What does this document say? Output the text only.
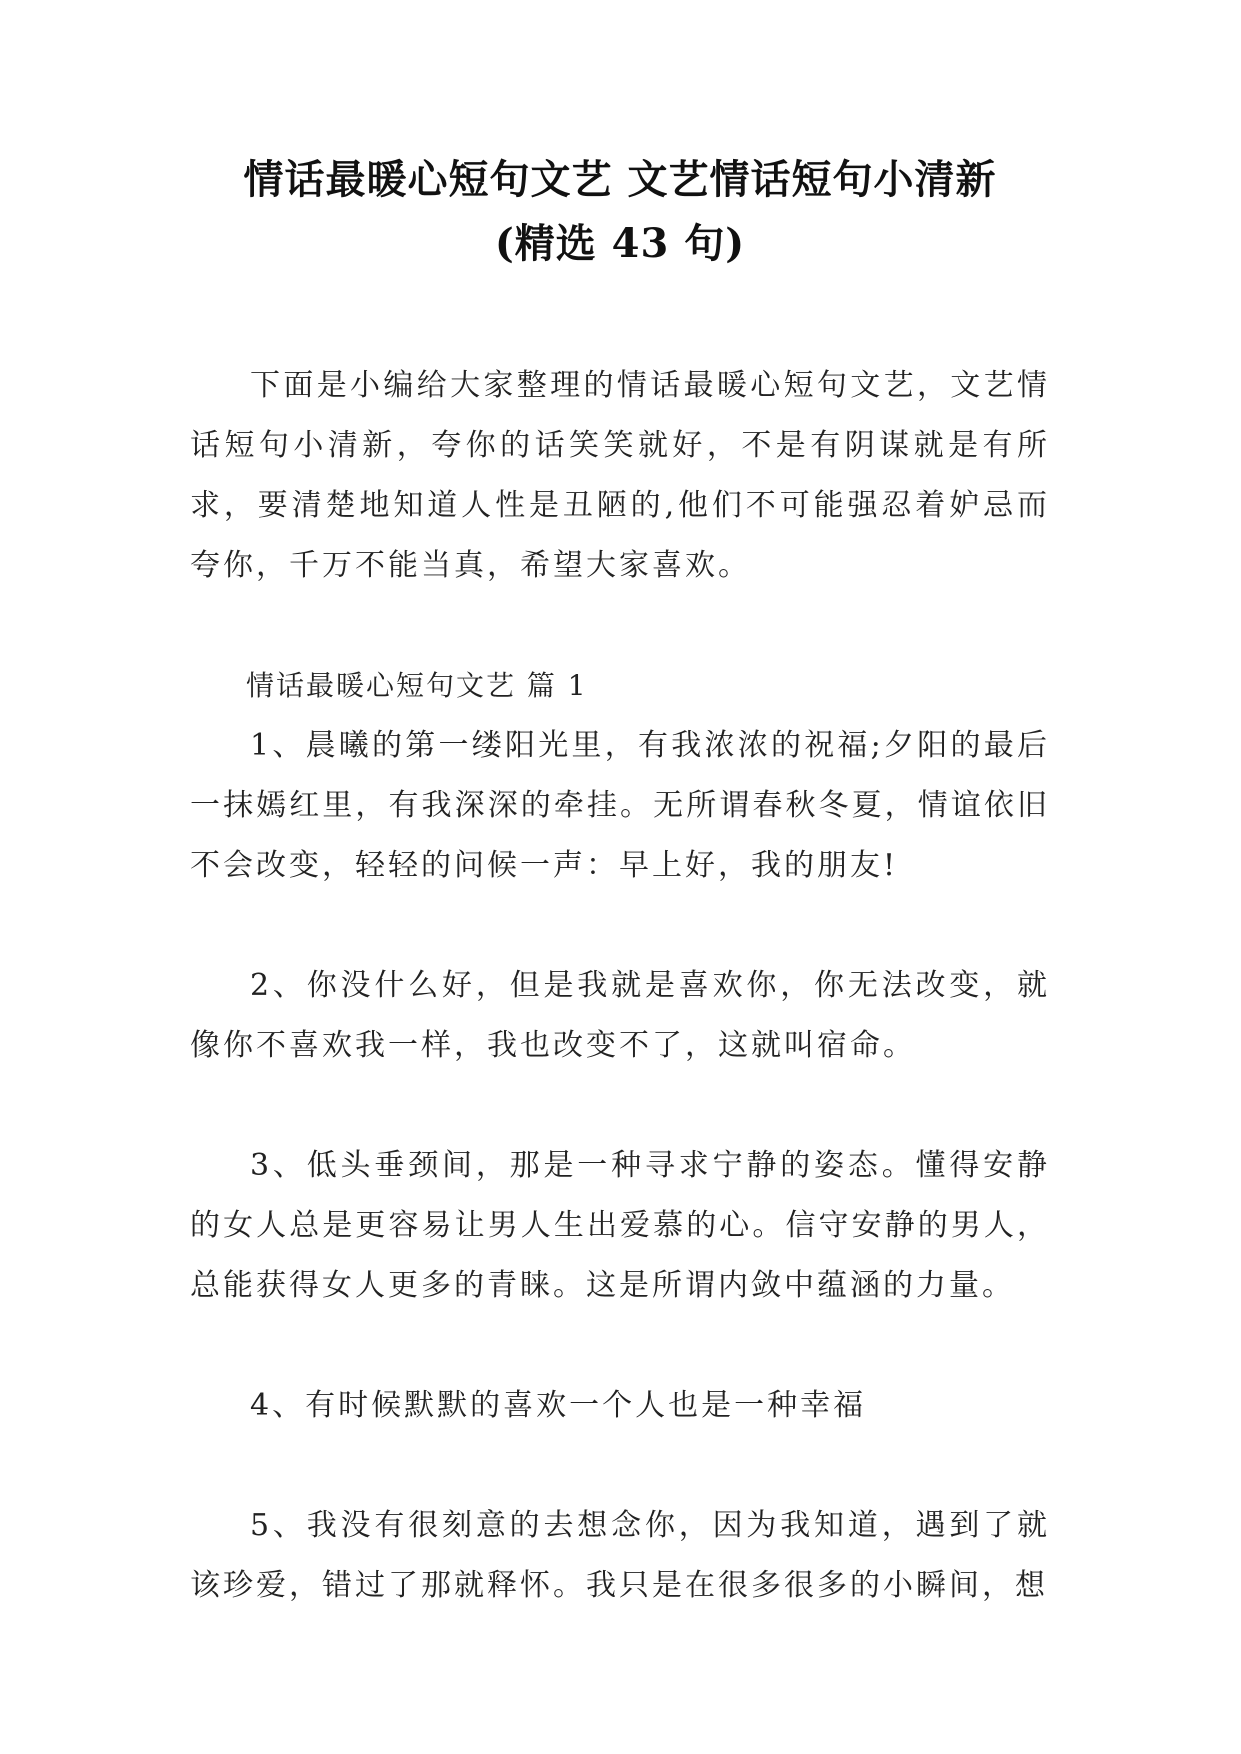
情话最暖心短句文艺 文艺情话短句小清新
(精选 43 句)

下面是小编给大家整理的情话最暖心短句文艺，文艺情话短句小清新，夸你的话笑笑就好，不是有阴谋就是有所求，要清楚地知道人性是丑陋的,他们不可能强忍着妒忌而夸你，千万不能当真，希望大家喜欢。

情话最暖心短句文艺 篇 1

1、晨曦的第一缕阳光里，有我浓浓的祝福;夕阳的最后一抹嫣红里，有我深深的牵挂。无所谓春秋冬夏，情谊依旧不会改变，轻轻的问候一声：早上好，我的朋友!

2、你没什么好，但是我就是喜欢你，你无法改变，就像你不喜欢我一样，我也改变不了，这就叫宿命。

3、低头垂颈间，那是一种寻求宁静的姿态。懂得安静的女人总是更容易让男人生出爱慕的心。信守安静的男人，总能获得女人更多的青睐。这是所谓内敛中蕴涵的力量。

4、有时候默默的喜欢一个人也是一种幸福

5、我没有很刻意的去想念你，因为我知道，遇到了就该珍爱，错过了那就释怀。我只是在很多很多的小瞬间，想
